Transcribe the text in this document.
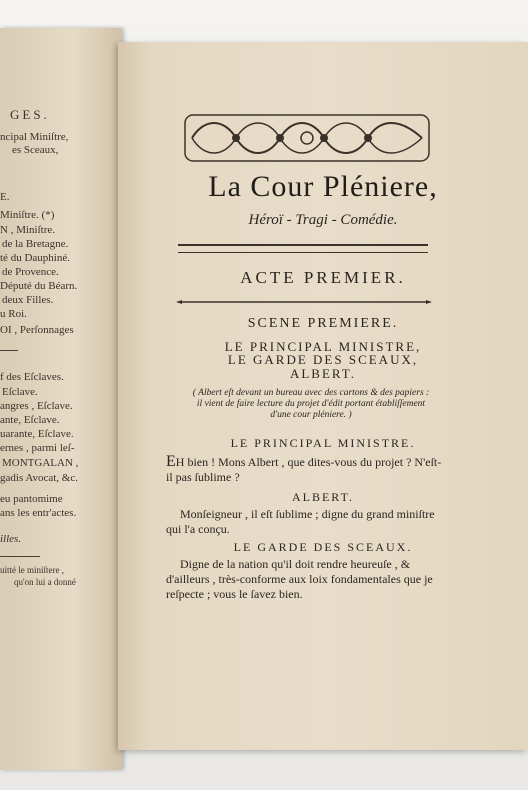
GES.
ncipal Miniſtre,
es Sceaux,
E.
Miniſtre. (*)
N , Miniſtre.
de la Bretagne.
té du Dauphiné.
de Provence.
Député du Béarn.
deux Filles.
u Roi.
OI , Perſonnages
f des Eſclaves.
Eſclave.
angres , Eſclave.
ante, Eſclave.
uarante, Eſclave.
ernes , parmi leſ-
MONTGALAN ,
gadis Avocat, &c.
eu pantomime
ans les entr'actes.
illes.
uitté le miniſtere ,
qu'on lui a donné
La Cour Pléniere,
Héroï - Tragi - Comédie.
ACTE PREMIER.
SCENE PREMIERE.
LE PRINCIPAL MINISTRE,
LE GARDE DES SCEAUX,
ALBERT.
( Albert eſt devant un bureau avec des cartons & des papiers : il vient de faire lecture du projet d'édit portant établiſſement d'une cour pléniere. )
LE PRINCIPAL MINISTRE.
EH bien ! Mons Albert , que dites-vous du projet ? N'eſt-il pas ſublime ?
ALBERT.
Monſeigneur , il eſt ſublime ; digne du grand miniſtre qui l'a conçu.
LE GARDE DES SCEAUX.
Digne de la nation qu'il doit rendre heureuſe , & d'ailleurs , très-conforme aux loix fondamentales que je reſpecte ; vous le ſavez bien.
